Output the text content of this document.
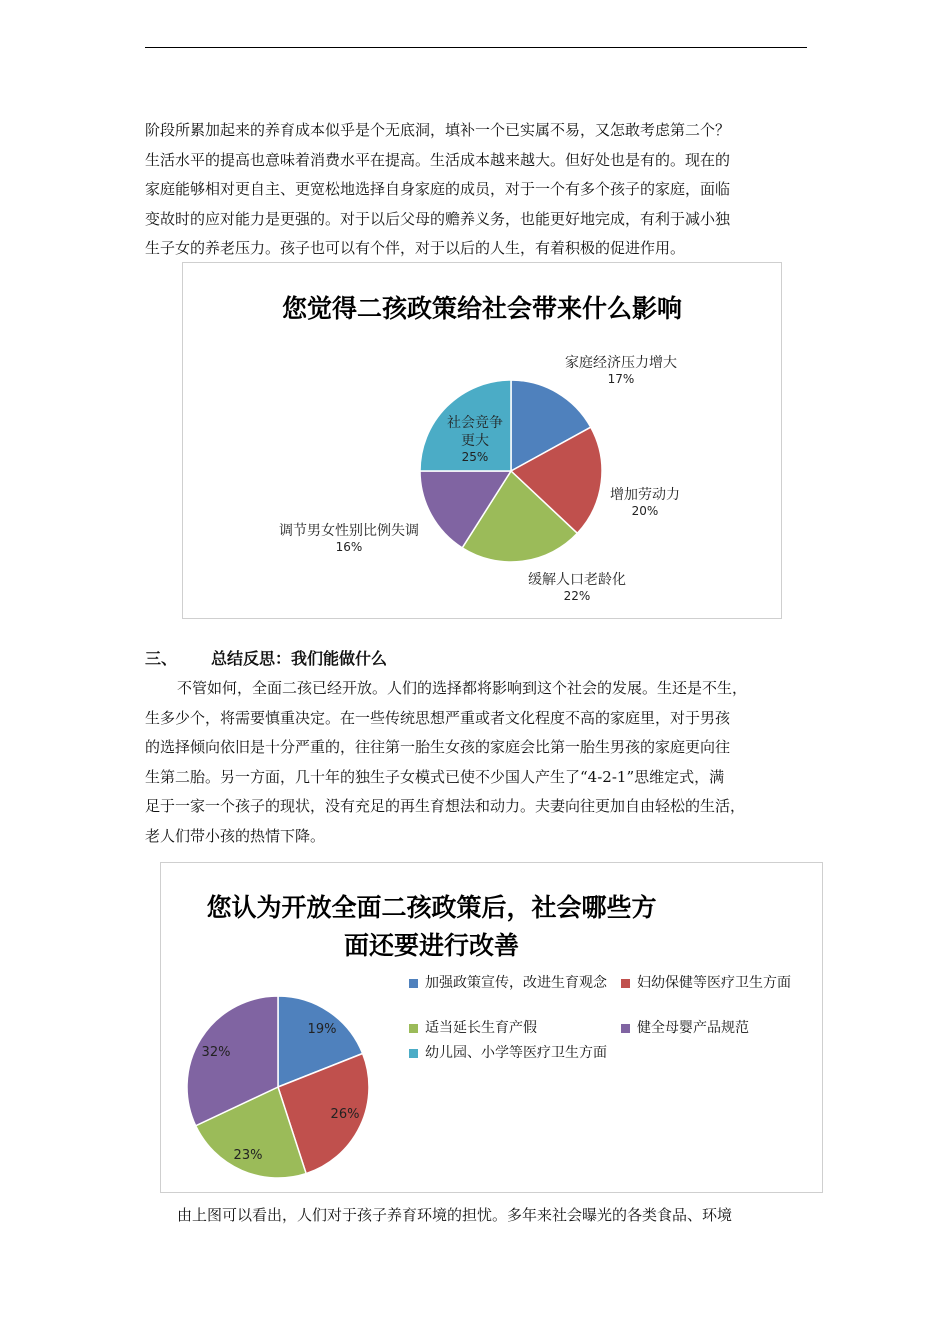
阶段所累加起来的养育成本似乎是个无底洞，填补一个已实属不易，又怎敢考虑第二个？
生活水平的提高也意味着消费水平在提高。生活成本越来越大。但好处也是有的。现在的
家庭能够相对更自主、更宽松地选择自身家庭的成员，对于一个有多个孩子的家庭，面临
变故时的应对能力是更强的。对于以后父母的赡养义务，也能更好地完成，有利于减小独
生子女的养老压力。孩子也可以有个伴，对于以后的人生，有着积极的促进作用。
您觉得二孩政策给社会带来什么影响
家庭经济压力增大
17%
增加劳动力
20%
缓解人口老龄化
22%
调节男女性别比例失调
16%
社会竞争
更大
25%
三、 总结反思：我们能做什么
不管如何，全面二孩已经开放。人们的选择都将影响到这个社会的发展。生还是不生，
生多少个，将需要慎重决定。在一些传统思想严重或者文化程度不高的家庭里，对于男孩
的选择倾向依旧是十分严重的，往往第一胎生女孩的家庭会比第一胎生男孩的家庭更向往
生第二胎。另一方面，几十年的独生子女模式已使不少国人产生了“4-2-1”思维定式，满
足于一家一个孩子的现状，没有充足的再生育想法和动力。夫妻向往更加自由轻松的生活，
老人们带小孩的热情下降。
您认为开放全面二孩政策后，社会哪些方
面还要进行改善
19%
26%
23%
32%
加强政策宣传，改进生育观念	妇幼保健等医疗卫生方面
适当延长生育产假	健全母婴产品规范
幼儿园、小学等医疗卫生方面
由上图可以看出，人们对于孩子养育环境的担忧。多年来社会曝光的各类食品、环境
